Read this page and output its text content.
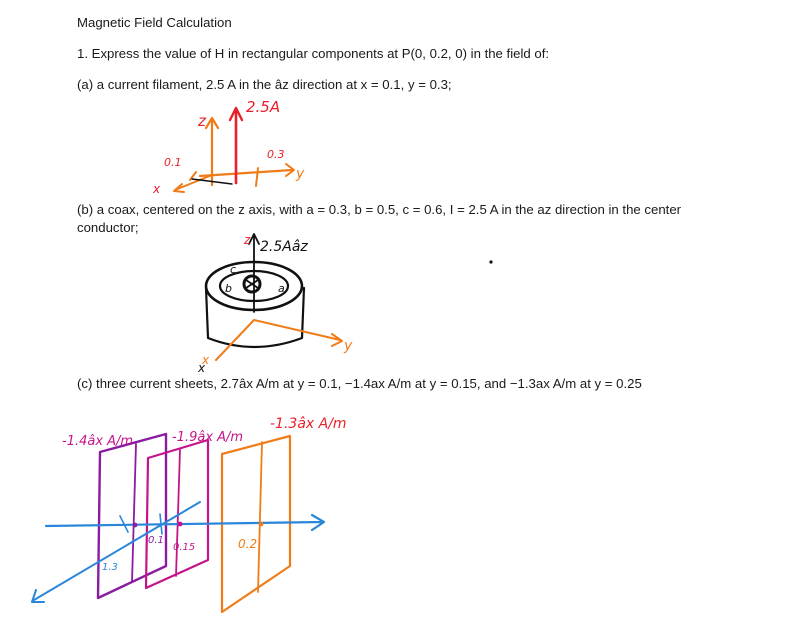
Magnetic Field Calculation
1. Express the value of H in rectangular components at P(0, 0.2, 0) in the field of:
(a) a current filament, 2.5 A in the âz direction at x = 0.1, y = 0.3;
(b) a coax, centered on the z axis, with a = 0.3, b = 0.5, c = 0.6, I = 2.5 A in the az direction in the center
conductor;
(c) three current sheets, 2.7âx A/m at y = 0.1, −1.4ax A/m at y = 0.15, and −1.3ax A/m at y = 0.25
x
z
2.5A
0.1
0.3
y
z 2.5Aâz
c
b	a
y
x
-1.4âx A/m	-1.9âx A/m
-1.3âx A/m
0.1
0.15	0.2
1.3
x
